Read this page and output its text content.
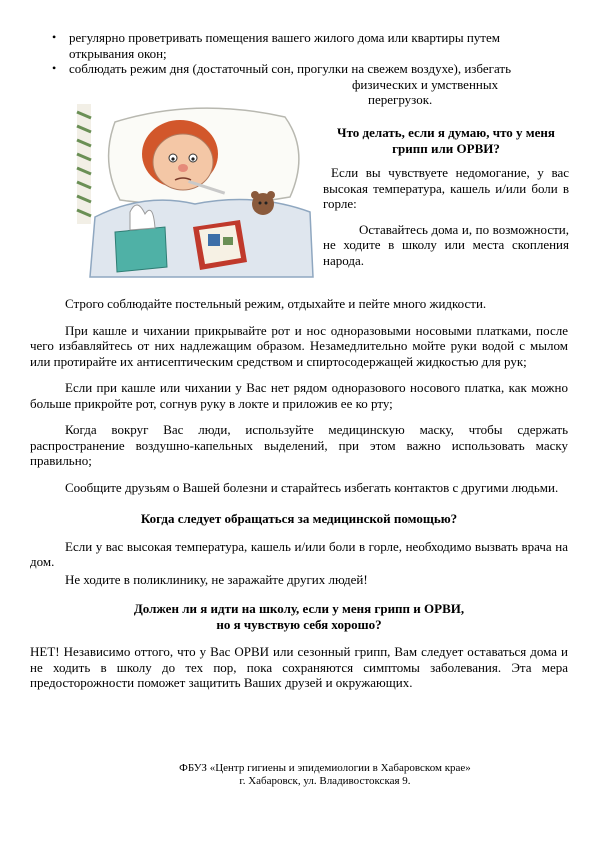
• регулярно проветривать помещения вашего жилого дома или квартиры путем
открывания окон;
• соблюдать режим дня (достаточный сон, прогулки на свежем воздухе), избегать
физических и умственных
перегрузок.
Что делать, если я думаю, что у меня грипп или ОРВИ?

Если вы чувствуете недомогание, у вас высокая температура, кашель и/или боли в горле:

Оставайтесь дома и, по возможности, не ходите в школу или места скопления народа.

Строго соблюдайте постельный режим, отдыхайте и пейте много жидкости.

При кашле и чихании прикрывайте рот и нос одноразовыми носовыми платками, после чего избавляйтесь от них надлежащим образом. Незамедлительно мойте руки водой с мылом или протирайте их антисептическим средством и спиртосодержащей жидкостью для рук;

Если при кашле или чихании у Вас нет рядом одноразового носового платка, как можно больше прикройте рот, согнув руку в локте и приложив ее ко рту;

Когда вокруг Вас люди, используйте медицинскую маску, чтобы сдержать распространение воздушно-капельных выделений, при этом важно использовать маску правильно;

Сообщите друзьям о Вашей болезни и старайтесь избегать контактов с другими людьми.

Когда следует обращаться за медицинской помощью?

Если у вас высокая температура, кашель и/или боли в горле, необходимо вызвать врача на дом.

Не ходите в поликлинику, не заражайте других людей!

Должен ли я идти на школу, если у меня грипп и ОРВИ,
но я чувствую себя хорошо?

НЕТ! Независимо оттого, что у Вас ОРВИ или сезонный грипп, Вам следует оставаться дома и не ходить в школу до тех пор, пока сохраняются симптомы заболевания. Эта мера предосторожности поможет защитить Ваших друзей и окружающих.

ФБУЗ «Центр гигиены и эпидемиологии в Хабаровском крае»
г. Хабаровск, ул. Владивостокская 9.
